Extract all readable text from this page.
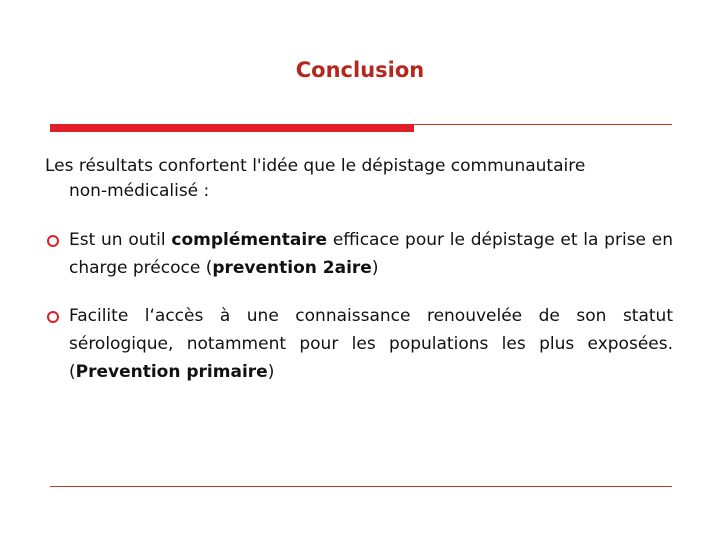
Conclusion
Les résultats confortent l'idée que le dépistage communautaire
non-médicalisé :
Est un outil complémentaire efficace pour le dépistage et la prise en charge précoce (prevention 2aire)
Facilite l‘accès à une connaissance renouvelée de son statut sérologique, notamment pour les populations les plus exposées. (Prevention primaire)
